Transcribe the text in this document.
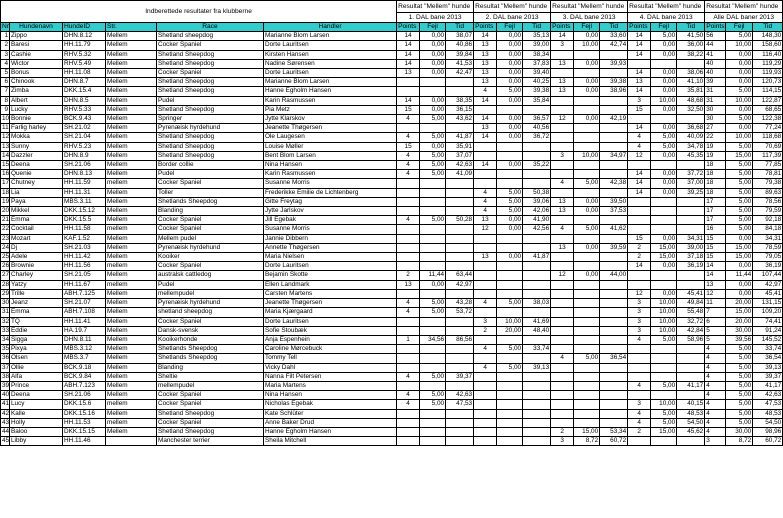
Indberettede resultater fra klubberne						Resultat "Mellem" hunde			Resultat "Mellem" hunde			Resultat "Mellem" hunde			Resultat "Mellem" hunde			Resultat "Mellem" hunde		
						1. DAL bane 2013			2. DAL bane 2013			3. DAL bane 2013			4. DAL bane 2013			Alle DAL baner 2013		
Nr.	Hundenavn	HundeID	Str.	Race	Handler	Points	Fejl	Tid	Points	Fejl	Tid	Points	Fejl	Tid	Points	Fejl	Tid	Points	Fejl	Tid
1	Zippo	DHN.8.12	Mellem	Shetland sheepdog	Marianne Blom Larsen	14	0,00	38,07	14	0,00	35,13	14	0,00	33,60	14	5,00	41,50	56	5,00	148,30
2	Baresi	HH.11.79	Mellem	Cocker Spaniel	Dorte Lauritsen	14	0,00	40,86	13	0,00	39,00	3	10,00	42,74	14	0,00	36,00	44	10,00	158,60
3	Cashie	RHV.5.32	Mellem	Shetland Sheepdog	Kirsten Hansen	14	0,00	39,84	13	0,00	38,34				14	0,00	38,22	41	0,00	116,40
4	Wictor	RHV.5.49	Mellem	Shetland Sheepdog	Nadine Sørensen	14	0,00	41,53	13	0,00	37,83	13	0,00	39,93				40	0,00	119,29
5	Bonus	HH.11.08	Mellem	Cocker Spaniel	Dorte Lauritsen	13	0,00	42,47	13	0,00	39,40				14	0,00	38,06	40	0,00	119,93
6	Chinook	DHN.8.7	Mellem	Shetland Sheepdog	Marianne Blom Larsen				13	0,00	40,25	13	0,00	39,38	13	0,00	41,10	39	0,00	120,73
7	Zimba	DKK.15.4	Mellem	Shetland Sheepdog	Hanne Egholm Hansen				4	5,00	39,38	13	0,00	38,96	14	0,00	35,81	31	5,00	114,15
8	Albert	DHN.8.5	Mellem	Pudel	Karin Rasmussen	14	0,00	38,35	14	0,00	35,84				3	10,00	48,68	31	10,00	122,87
9	Lucky	RHV.5.33	Mellem	Shetland Sheepdog	Pia Metz	15	0,00	36,15							15	0,00	32,50	30	0,00	68,65
10	Bonnie	BCK.9.43	Mellem	Springer	Jytte Klarskov	4	5,00	43,62	14	0,00	36,57	12	0,00	42,19				30	5,00	122,38
11	Farlig harley	SH.21.02	Mellem	Pyrenæisk hyrdehund	Jeanette Thøgersen				13	0,00	40,56				14	0,00	36,68	27	0,00	77,24
12	Mokka	SH.21.04	Mellem	Shetland Sheepdog	Ole Laugesen	4	5,00	41,87	14	0,00	36,72				4	5,00	40,09	22	10,00	118,68
13	Sunny	RHV.5.23	Mellem	Shetland Sheepdog	Louise Møller	15	0,00	35,91							4	5,00	34,78	19	5,00	70,69
14	Dazzler	DHN.8.9	Mellem	Shetland Sheepdog	Bent Blom Larsen	4	5,00	37,07				3	10,00	34,97	12	0,00	45,35	19	15,00	117,39
15	Deena	SH.21.06	Mellem	Border collie	Nina Hansen	4	5,00	42,63	14	0,00	35,22							18	5,00	77,85
16	Quenie	DHN.8.13	Mellem	Pudel	Karin Rasmussen	4	5,00	41,09							14	0,00	37,72	18	5,00	78,81
17	Chutney	HH.11.59	mellem	Cocker Spaniel	Susanne Morris							4	5,00	42,38	14	0,00	37,00	18	5,00	79,38
18	Lia	HH.11.31	Mellem	Toller	Frederikke Emilie de Lichtenberg				4	5,00	50,38				14	0,00	39,25	18	5,00	89,63
19	Paya	MBS.3.11	Mellem	Shetlands Sheepdog	Gitte Freytag				4	5,00	39,06	13	0,00	39,50				17	5,00	78,56
20	Mikkel	DKK.15.12	Mellem	Blanding	Jytte Jarlskov				4	5,00	42,06	13	0,00	37,53				17	5,00	79,59
21	Emma	DKK.15.5	Mellem	Cocker Spaniel	Jill Egebak	4	5,00	50,28	13	0,00	41,90							17	5,00	92,18
22	Cocktail	HH.11.58	mellem	Cocker Spaniel	Susanne Morris				12	0,00	42,56	4	5,00	41,62				16	5,00	84,18
23	Mozart	KAF.1.52	Mellem	Mellem pudel	Jannie Dibbern										15	0,00	34,31	15	0,00	34,31
24	Dj	SH.21.03	Mellem	Pyrenæisk hyrdehund	Annette Thøgersen							13	0,00	39,59	2	15,00	39,00	15	15,00	78,59
25	Adele	HH.11.42	Mellem	Kooiker	Maria Nielsen				13	0,00	41,87				2	15,00	37,18	15	15,00	79,05
26	Brownie	HH.11.56	mellem	Cocker Spaniel	Dorte Lauritsen										14	0,00	36,19	14	0,00	36,19
27	Charley	SH.21.05	Mellem	australsk cattledog	Bejamin Skotte	2	11,44	63,44				12	0,00	44,00				14	11,44	107,44
28	Yatzy	HH.11.67	mellem	Pudel	Ellen Landmark	13	0,00	42,97										13	0,00	42,97
29	Trille	ABH.7.125	Mellem	mellempudel	Carsten Martens										12	0,00	45,41	12	0,00	45,41
30	Jeanz	SH.21.07	Mellem	Pyrenæisk hyrdehund	Jeanette Thøgersen	4	5,00	43,28	4	5,00	38,03				3	10,00	49,84	11	20,00	131,15
31	Emma	ABH.7.108	Mellem	shetland sheepdog	Maria Kjærgaard	4	5,00	53,72							3	10,00	55,48	7	15,00	109,20
32	TQ	HH.11.41	Mellem	Cocker Spaniel	Dorte Lauritsen				3	10,00	41,69				3	10,00	32,72	6	20,00	74,41
33	Eddie	HA.19.7	Mellem	Dansk-svensk	Sofie Stoubæk				2	20,00	48,40				3	10,00	42,84	5	30,00	91,24
34	Sigga	DHN.8.11	Mellem	Kooikerhonde	Anja Espenhein	1	34,56	86,56							4	5,00	58,96	5	39,56	145,52
35	Pixya	MBS.3.12	Mellem	Shetlands Sheepdog	Caroline Mørcebuck				4	5,00	33,74							4	5,00	33,74
36	Olsen	MBS.3.7	Mellem	Shetlands Sheepdog	Tommy Tell							4	5,00	36,54				4	5,00	36,54
37	Ollie	BCK.9.18	Mellem	Blanding	Vicky Dahl				4	5,00	39,13							4	5,00	39,13
38	Alfa	BCK.9.84	Mellem	Sheltie	Nanna Filt Petersen	4	5,00	39,37										4	5,00	39,37
39	Prince	ABH.7.123	Mellem	mellempudel	Maria Martens										4	5,00	41,17	4	5,00	41,17
40	Deena	SH.21.06	Mellem	Cocker Spaniel	Nina Hansen	4	5,00	42,63										4	5,00	42,63
41	Lucy	DKK.15.6	mellem	Cocker Spaniel	Nicholas Egebak	4	5,00	47,53							3	10,00	40,15	4	5,00	47,53
42	Kalle	DKK.15.16	Mellem	Shetland Sheepdog	Kate Schlüter										4	5,00	48,53	4	5,00	48,53
43	Holly	HH.11.53	mellem	Cocker Spaniel	Anne Baker Drud										4	5,00	54,50	4	5,00	54,50
44	Baloo	DKK.15.15	Mellem	Shetland Sheepdog	Hanne Egholm Hansen							2	15,00	53,34	2	15,00	45,62	4	30,00	98,96
45	Libby	HH.11.46		Manchester terrier	Sheila Mitchell							3	8,72	60,72				3	8,72	60,72
